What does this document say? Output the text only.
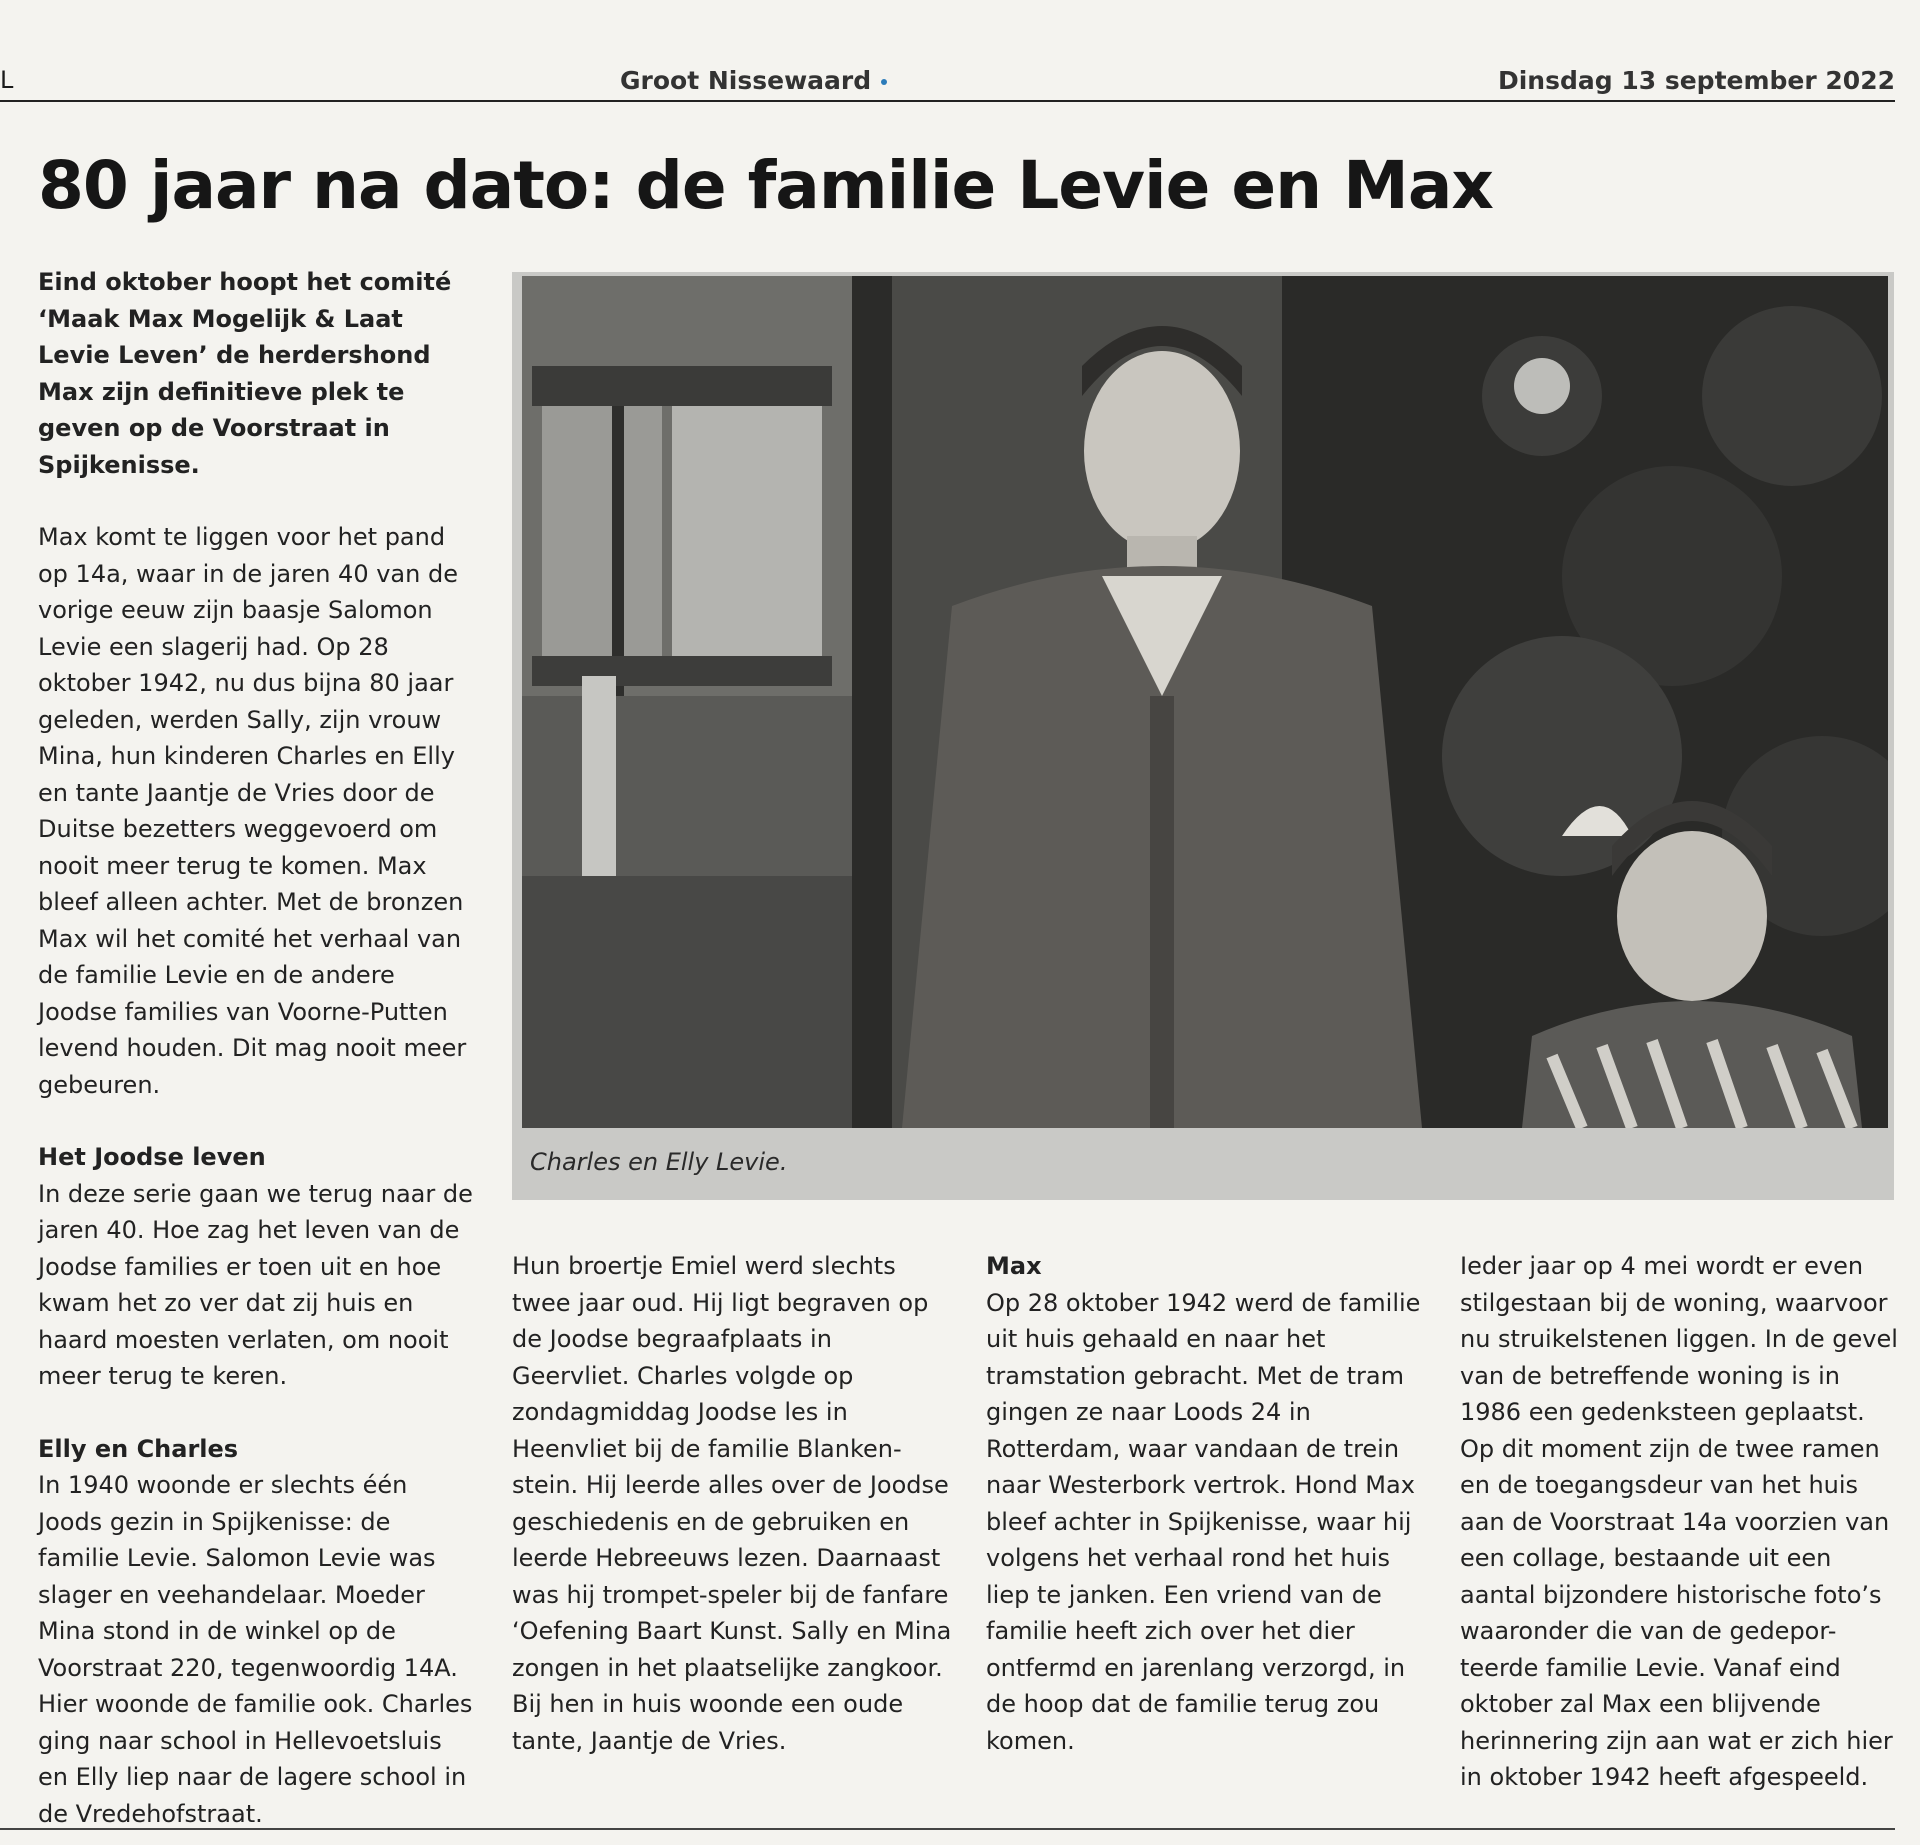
L	Groot Nissewaard	Dinsdag 13 september 2022
80 jaar na dato: de familie Levie en Max

Eind oktober hoopt het comité ‘Maak Max Mogelijk & Laat Levie Leven’ de herdershond Max zijn definitieve plek te geven op de Voorstraat in Spijkenisse.

Max komt te liggen voor het pand op 14a, waar in de jaren 40 van de vorige eeuw zijn baasje Salomon Levie een slagerij had. Op 28 oktober 1942, nu dus bijna 80 jaar geleden, werden Sally, zijn vrouw Mina, hun kinderen Charles en Elly en tante Jaantje de Vries door de Duitse bezetters weggevoerd om nooit meer terug te komen. Max bleef alleen achter. Met de bronzen Max wil het comité het verhaal van de familie Levie en de andere Joodse families van Voorne-Putten levend houden. Dit mag nooit meer gebeuren.

Het Joodse leven

In deze serie gaan we terug naar de jaren 40. Hoe zag het leven van de Joodse families er toen uit en hoe kwam het zo ver dat zij huis en haard moesten verlaten, om nooit meer terug te keren.

Elly en Charles

In 1940 woonde er slechts één Joods gezin in Spijkenisse: de familie Levie. Salomon Levie was slager en veehandelaar. Moeder Mina stond in de winkel op de Voorstraat 220, tegenwoordig 14A. Hier woonde de familie ook. Charles ging naar school in Hellevoetsluis en Elly liep naar de lagere school in de Vredehofstraat.

Charles en Elly Levie.

Hun broertje Emiel werd slechts twee jaar oud. Hij ligt begraven op de Joodse begraafplaats in Geervliet. Charles volgde op zondagmiddag Joodse les in Heenvliet bij de familie Blanken-stein. Hij leerde alles over de Joodse geschiedenis en de gebruiken en leerde Hebreeuws lezen. Daarnaast was hij trompet-speler bij de fanfare ‘Oefening Baart Kunst. Sally en Mina zongen in het plaatselijke zangkoor. Bij hen in huis woonde een oude tante, Jaantje de Vries.

Max

Op 28 oktober 1942 werd de familie uit huis gehaald en naar het tramstation gebracht. Met de tram gingen ze naar Loods 24 in Rotterdam, waar vandaan de trein naar Westerbork vertrok. Hond Max bleef achter in Spijkenisse, waar hij volgens het verhaal rond het huis liep te janken. Een vriend van de familie heeft zich over het dier ontfermd en jarenlang verzorgd, in de hoop dat de familie terug zou komen.

Ieder jaar op 4 mei wordt er even stilgestaan bij de woning, waarvoor nu struikelstenen liggen. In de gevel van de betreffende woning is in 1986 een gedenksteen geplaatst. Op dit moment zijn de twee ramen en de toegangsdeur van het huis aan de Voorstraat 14a voorzien van een collage, bestaande uit een aantal bijzondere historische foto’s waaronder die van de gedepor-teerde familie Levie. Vanaf eind oktober zal Max een blijvende herinnering zijn aan wat er zich hier in oktober 1942 heeft afgespeeld.
